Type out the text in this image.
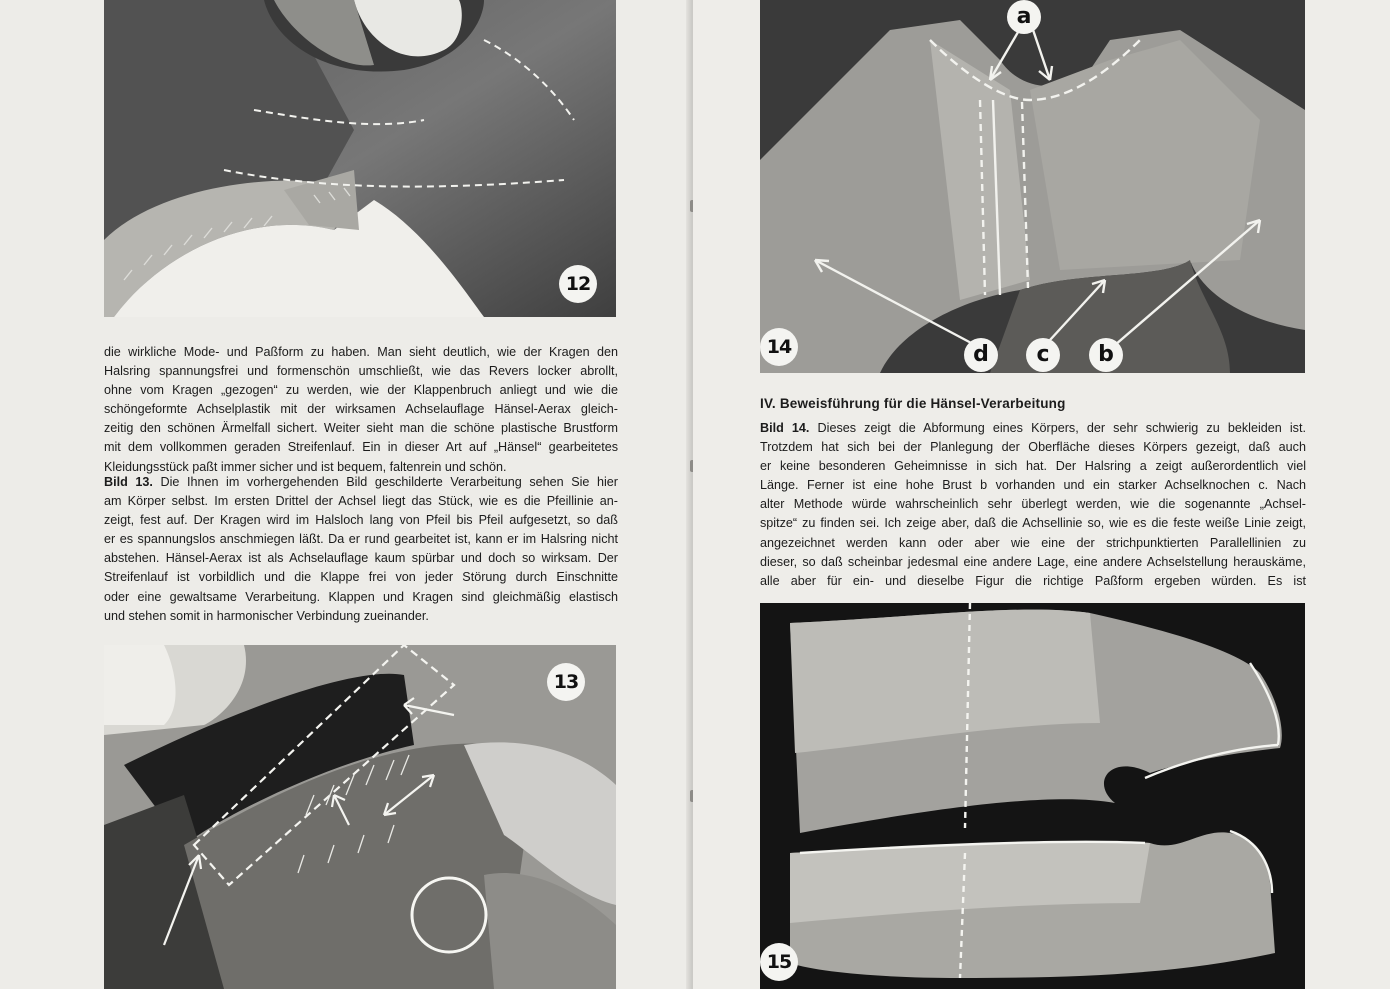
12
die wirkliche Mode- und Paßform zu haben. Man sieht deutlich, wie der Kragen den
Halsring spannungsfrei und formenschön umschließt, wie das Revers locker abrollt,
ohne vom Kragen „gezogen“ zu werden, wie der Klappenbruch anliegt und wie die
schöngeformte Achselplastik mit der wirksamen Achselauflage Hänsel-Aerax gleich-
zeitig den schönen Ärmelfall sichert. Weiter sieht man die schöne plastische Brustform
mit dem vollkommen geraden Streifenlauf. Ein in dieser Art auf „Hänsel“ gearbeitetes
Kleidungsstück paßt immer sicher und ist bequem, faltenrein und schön.
Bild 13. Die Ihnen im vorhergehenden Bild geschilderte Verarbeitung sehen Sie hier
am Körper selbst. Im ersten Drittel der Achsel liegt das Stück, wie es die Pfeillinie an-
zeigt, fest auf. Der Kragen wird im Halsloch lang von Pfeil bis Pfeil aufgesetzt, so daß
er es spannungslos anschmiegen läßt. Da er rund gearbeitet ist, kann er im Halsring nicht
abstehen. Hänsel-Aerax ist als Achselauflage kaum spürbar und doch so wirksam. Der
Streifenlauf ist vorbildlich und die Klappe frei von jeder Störung durch Einschnitte
oder eine gewaltsame Verarbeitung. Klappen und Kragen sind gleichmäßig elastisch
und stehen somit in harmonischer Verbindung zueinander.
13
a
d	c	b
14
IV. Beweisführung für die Hänsel-Verarbeitung
Bild 14. Dieses zeigt die Abformung eines Körpers, der sehr schwierig zu bekleiden ist.
Trotzdem hat sich bei der Planlegung der Oberfläche dieses Körpers gezeigt, daß auch
er keine besonderen Geheimnisse in sich hat. Der Halsring a zeigt außerordentlich viel
Länge. Ferner ist eine hohe Brust b vorhanden und ein starker Achselknochen c. Nach
alter Methode würde wahrscheinlich sehr überlegt werden, wie die sogenannte „Achsel-
spitze“ zu finden sei. Ich zeige aber, daß die Achsellinie so, wie es die feste weiße Linie zeigt,
angezeichnet werden kann oder aber wie eine der strichpunktierten Parallellinien zu
dieser, so daß scheinbar jedesmal eine andere Lage, eine andere Achselstellung herauskäme,
alle aber für ein- und dieselbe Figur die richtige Paßform ergeben würden. Es ist
15
